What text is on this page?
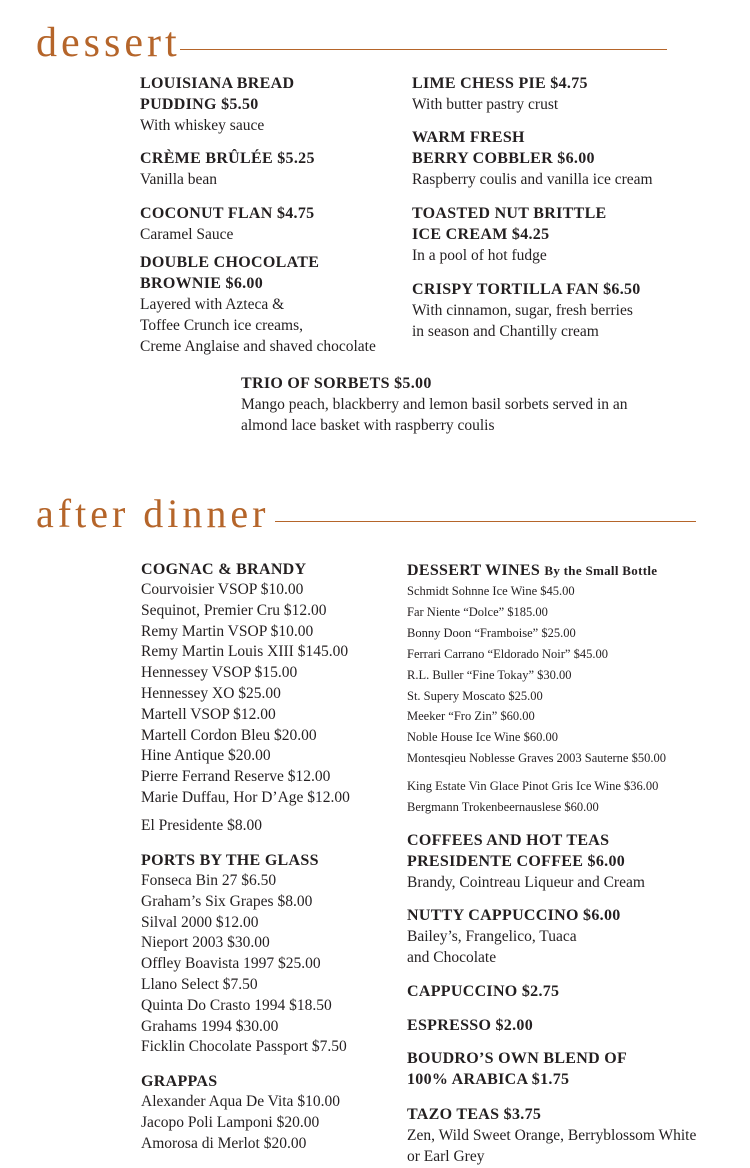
dessert
LOUISIANA BREAD
PUDDING $5.50
With whiskey sauce
CRÈME BRÛLÉE $5.25
Vanilla bean
COCONUT FLAN $4.75
Caramel Sauce
DOUBLE CHOCOLATE
BROWNIE $6.00
Layered with Azteca &
Toffee Crunch ice creams,
Creme Anglaise and shaved chocolate
LIME CHESS PIE $4.75
With butter pastry crust
WARM FRESH
BERRY COBBLER $6.00
Raspberry coulis and vanilla ice cream
TOASTED NUT BRITTLE
ICE CREAM $4.25
In a pool of hot fudge
CRISPY TORTILLA FAN $6.50
With cinnamon, sugar, fresh berries
in season and Chantilly cream
TRIO OF SORBETS $5.00
Mango peach, blackberry and lemon basil sorbets served in an
almond lace basket with raspberry coulis
after dinner
COGNAC & BRANDY
Courvoisier VSOP $10.00
Sequinot, Premier Cru $12.00
Remy Martin VSOP $10.00
Remy Martin Louis XIII $145.00
Hennessey VSOP $15.00
Hennessey XO $25.00
Martell VSOP $12.00
Martell Cordon Bleu $20.00
Hine Antique $20.00
Pierre Ferrand Reserve $12.00
Marie Duffau, Hor D’Age $12.00
El Presidente $8.00
PORTS BY THE GLASS
Fonseca Bin 27 $6.50
Graham’s Six Grapes $8.00
Silval 2000 $12.00
Nieport 2003 $30.00
Offley Boavista 1997 $25.00
Llano Select $7.50
Quinta Do Crasto 1994 $18.50
Grahams 1994 $30.00
Ficklin Chocolate Passport $7.50
GRAPPAS
Alexander Aqua De Vita $10.00
Jacopo Poli Lamponi $20.00
Amorosa di Merlot $20.00
DESSERT WINES By the Small Bottle
Schmidt Sohnne Ice Wine $45.00
Far Niente “Dolce” $185.00
Bonny Doon “Framboise” $25.00
Ferrari Carrano “Eldorado Noir” $45.00
R.L. Buller “Fine Tokay” $30.00
St. Supery Moscato $25.00
Meeker “Fro Zin” $60.00
Noble House Ice Wine $60.00
Montesqieu Noblesse Graves 2003 Sauterne $50.00
King Estate Vin Glace Pinot Gris Ice Wine $36.00
Bergmann Trokenbeernauslese $60.00
COFFEES AND HOT TEAS
PRESIDENTE COFFEE $6.00
Brandy, Cointreau Liqueur and Cream
NUTTY CAPPUCCINO $6.00
Bailey’s, Frangelico, Tuaca
and Chocolate
CAPPUCCINO $2.75
ESPRESSO $2.00
BOUDRO’S OWN BLEND OF
100% ARABICA $1.75
TAZO TEAS $3.75
Zen, Wild Sweet Orange, Berryblossom White
or Earl Grey
